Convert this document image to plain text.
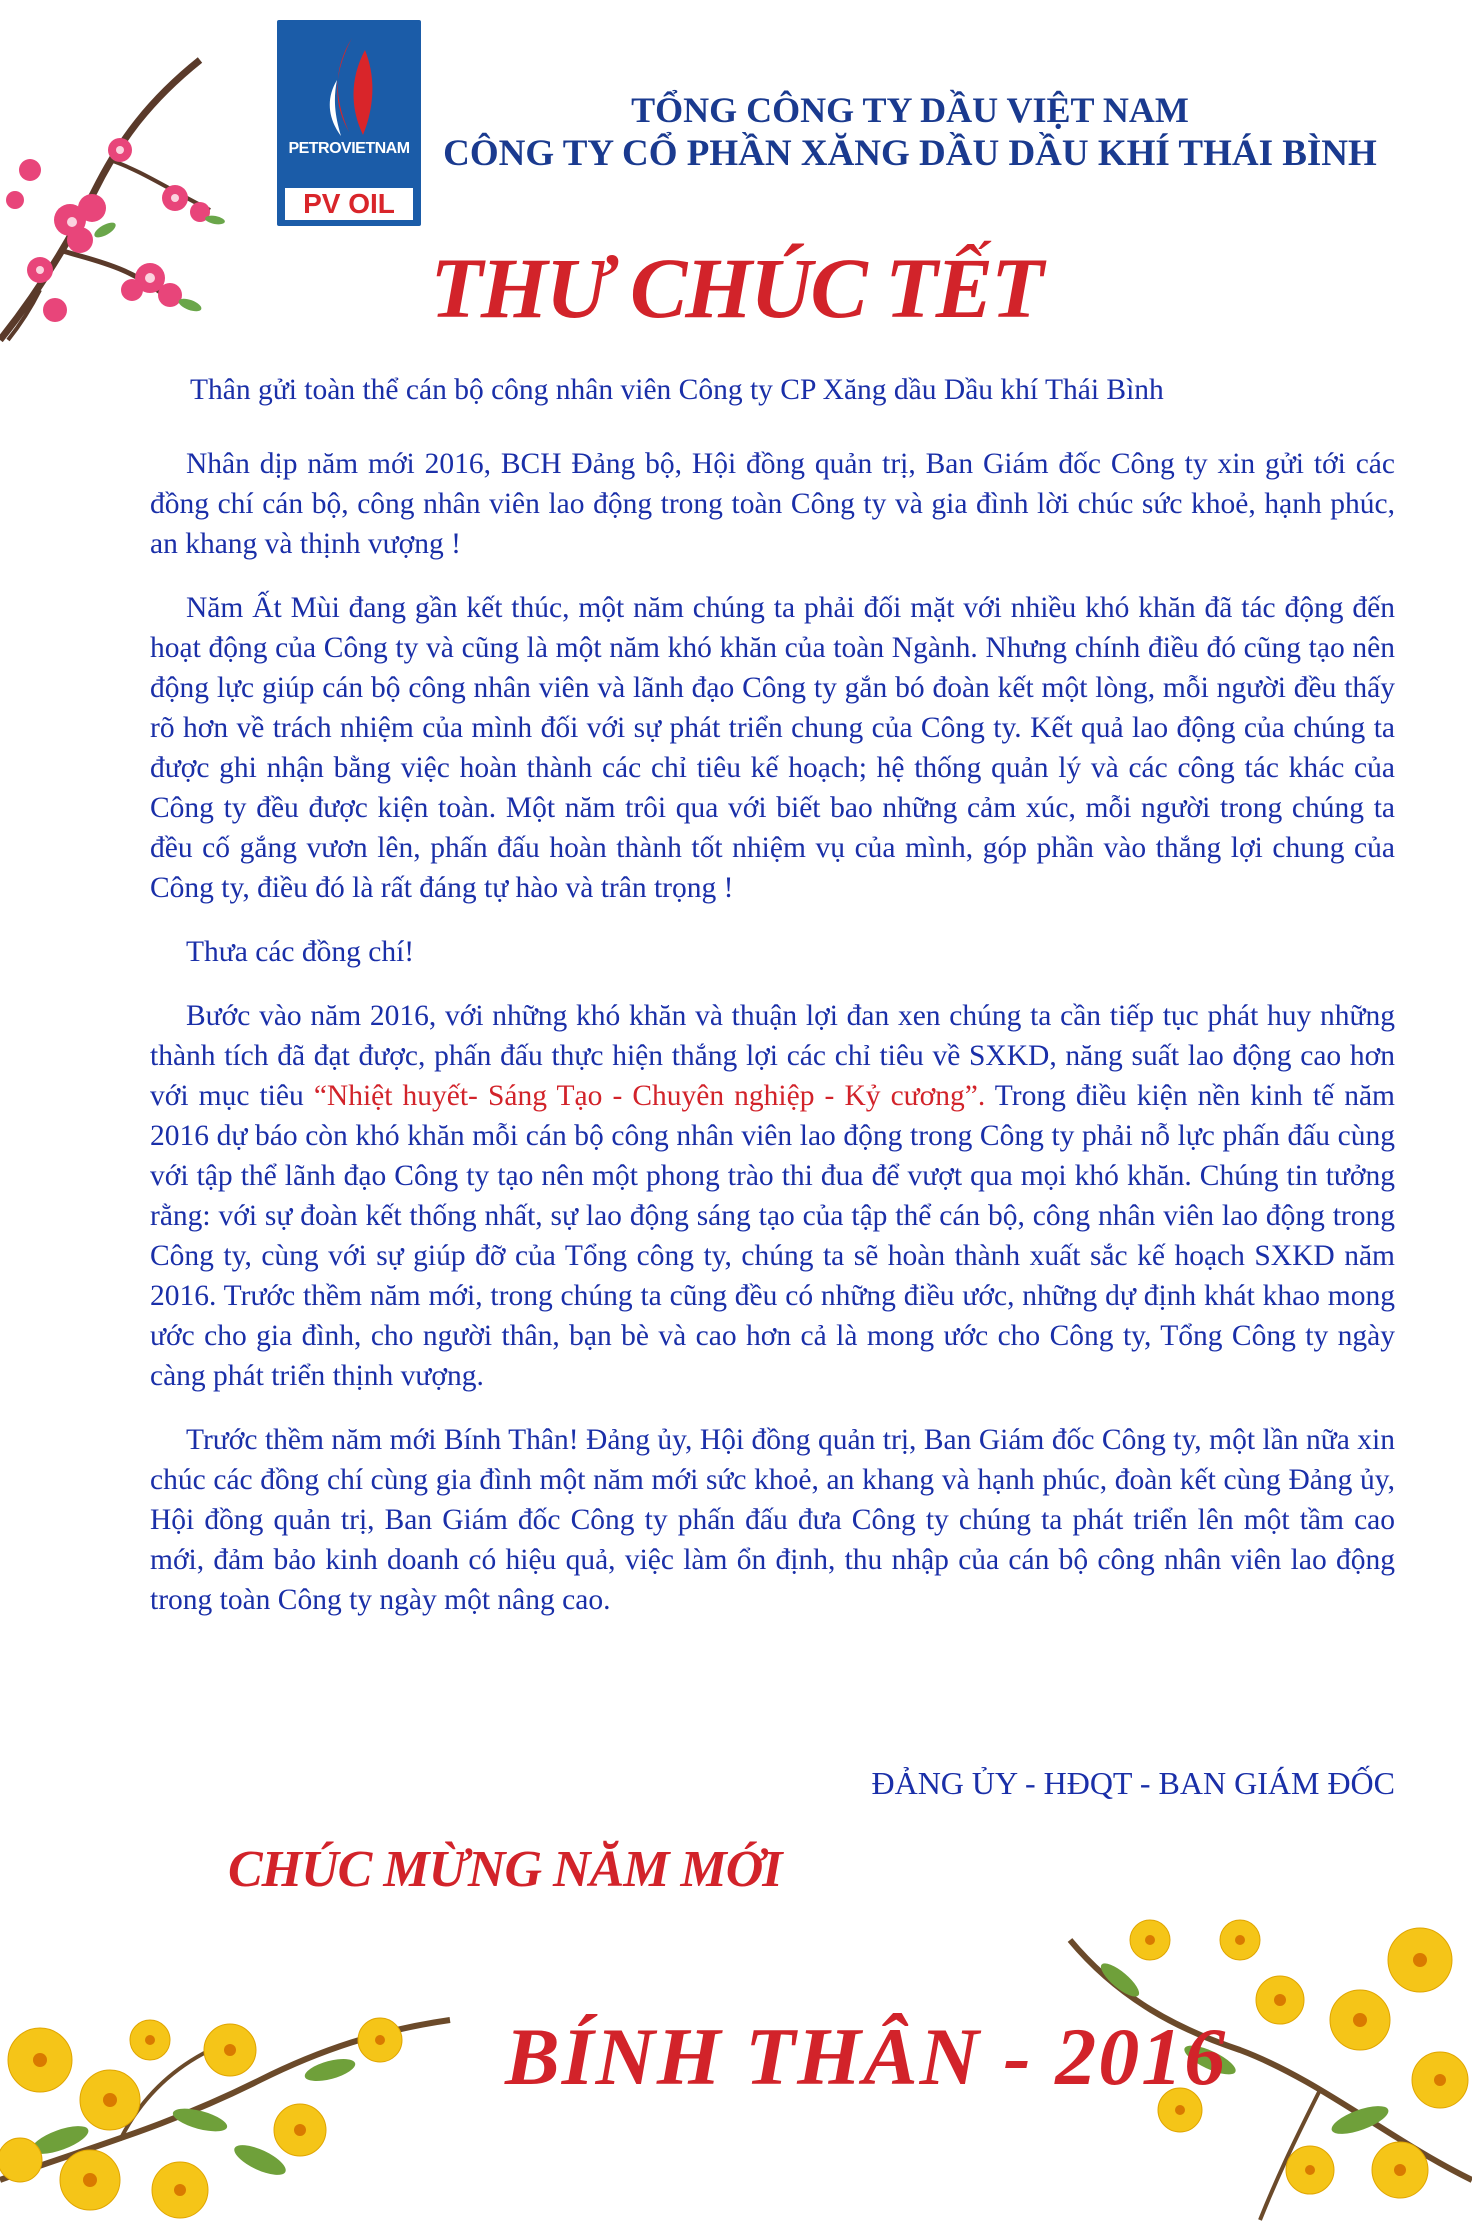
PETROVIETNAM
PV OIL
TỔNG CÔNG TY DẦU VIỆT NAM
CÔNG TY CỔ PHẦN XĂNG DẦU DẦU KHÍ THÁI BÌNH
THƯ CHÚC TẾT

Thân gửi toàn thể cán bộ công nhân viên Công ty CP Xăng dầu Dầu khí Thái Bình

Nhân dịp năm mới 2016, BCH Đảng bộ, Hội đồng quản trị, Ban Giám đốc Công ty xin gửi tới các đồng chí cán bộ, công nhân viên lao động trong toàn Công ty và gia đình lời chúc sức khoẻ, hạnh phúc, an khang và thịnh vượng !

Năm Ất Mùi đang gần kết thúc, một năm chúng ta phải đối mặt với nhiều khó khăn đã tác động đến hoạt động của Công ty và cũng là một năm khó khăn của toàn Ngành. Nhưng chính điều đó cũng tạo nên động lực giúp cán bộ công nhân viên và lãnh đạo Công ty gắn bó đoàn kết một lòng, mỗi người đều thấy rõ hơn về trách nhiệm của mình đối với sự phát triển chung của Công ty. Kết quả lao động của chúng ta được ghi nhận bằng việc hoàn thành các chỉ tiêu kế hoạch; hệ thống quản lý và các công tác khác của Công ty đều được kiện toàn. Một năm trôi qua với biết bao những cảm xúc, mỗi người trong chúng ta đều cố gắng vươn lên, phấn đấu hoàn thành tốt nhiệm vụ của mình, góp phần vào thắng lợi chung của Công ty, điều đó là rất đáng tự hào và trân trọng !

Thưa các đồng chí!

Bước vào năm 2016, với những khó khăn và thuận lợi đan xen chúng ta cần tiếp tục phát huy những thành tích đã đạt được, phấn đấu thực hiện thắng lợi các chỉ tiêu về SXKD, năng suất lao động cao hơn với mục tiêu “Nhiệt huyết- Sáng Tạo - Chuyên nghiệp - Kỷ cương”. Trong điều kiện nền kinh tế năm 2016 dự báo còn khó khăn mỗi cán bộ công nhân viên lao động trong Công ty phải nỗ lực phấn đấu cùng với tập thể lãnh đạo Công ty tạo nên một phong trào thi đua để vượt qua mọi khó khăn. Chúng tin tưởng rằng: với sự đoàn kết thống nhất, sự lao động sáng tạo của tập thể cán bộ, công nhân viên lao động trong Công ty, cùng với sự giúp đỡ của Tổng công ty, chúng ta sẽ hoàn thành xuất sắc kế hoạch SXKD năm 2016. Trước thềm năm mới, trong chúng ta cũng đều có những điều ước, những dự định khát khao mong ước cho gia đình, cho người thân, bạn bè và cao hơn cả là mong ước cho Công ty, Tổng Công ty ngày càng phát triển thịnh vượng.

Trước thềm năm mới Bính Thân! Đảng ủy, Hội đồng quản trị, Ban Giám đốc Công ty, một lần nữa xin chúc các đồng chí cùng gia đình một năm mới sức khoẻ, an khang và hạnh phúc, đoàn kết cùng Đảng ủy, Hội đồng quản trị, Ban Giám đốc Công ty phấn đấu đưa Công ty chúng ta phát triển lên một tầm cao mới, đảm bảo kinh doanh có hiệu quả, việc làm ổn định, thu nhập của cán bộ công nhân viên lao động trong toàn Công ty ngày một nâng cao.

ĐẢNG ỦY - HĐQT - BAN GIÁM ĐỐC
CHÚC MỪNG NĂM MỚI
BÍNH THÂN - 2016
